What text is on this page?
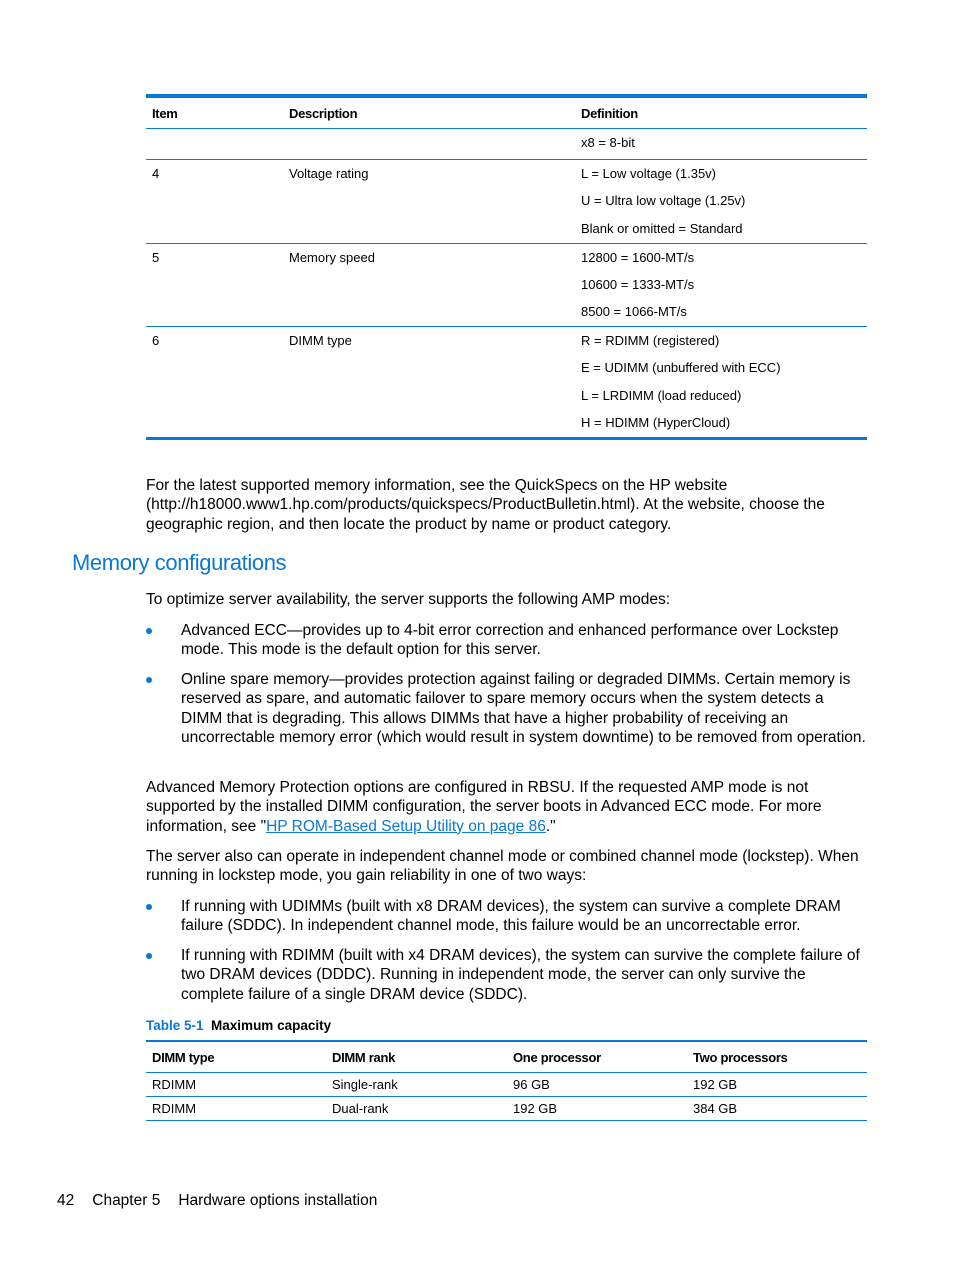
Item	Description	Definition

		x8 = 8-bit

4	Voltage rating	L = Low voltage (1.35v)
U = Ultra low voltage (1.25v)
Blank or omitted = Standard

5	Memory speed	12800 = 1600-MT/s
10600 = 1333-MT/s
8500 = 1066-MT/s

6	DIMM type	R = RDIMM (registered)
E = UDIMM (unbuffered with ECC)
L = LRDIMM (load reduced)
H = HDIMM (HyperCloud)

For the latest supported memory information, see the QuickSpecs on the HP website (http://h18000.www1.hp.com/products/quickspecs/ProductBulletin.html). At the website, choose the geographic region, and then locate the product by name or product category.

Memory configurations

To optimize server availability, the server supports the following AMP modes:

Advanced ECC—provides up to 4-bit error correction and enhanced performance over Lockstep mode. This mode is the default option for this server.
Online spare memory—provides protection against failing or degraded DIMMs. Certain memory is reserved as spare, and automatic failover to spare memory occurs when the system detects a DIMM that is degrading. This allows DIMMs that have a higher probability of receiving an uncorrectable memory error (which would result in system downtime) to be removed from operation.

Advanced Memory Protection options are configured in RBSU. If the requested AMP mode is not supported by the installed DIMM configuration, the server boots in Advanced ECC mode. For more information, see "HP ROM-Based Setup Utility on page 86."

The server also can operate in independent channel mode or combined channel mode (lockstep). When running in lockstep mode, you gain reliability in one of two ways:

If running with UDIMMs (built with x8 DRAM devices), the system can survive a complete DRAM failure (SDDC). In independent channel mode, this failure would be an uncorrectable error.
If running with RDIMM (built with x4 DRAM devices), the system can survive the complete failure of two DRAM devices (DDDC). Running in independent mode, the server can only survive the complete failure of a single DRAM device (SDDC).
Table 5-1 Maximum capacity
DIMM type	DIMM rank	One processor	Two processors
RDIMM	Single-rank	96 GB	192 GB
RDIMM	Dual-rank	192 GB	384 GB
42 Chapter 5 Hardware options installation
